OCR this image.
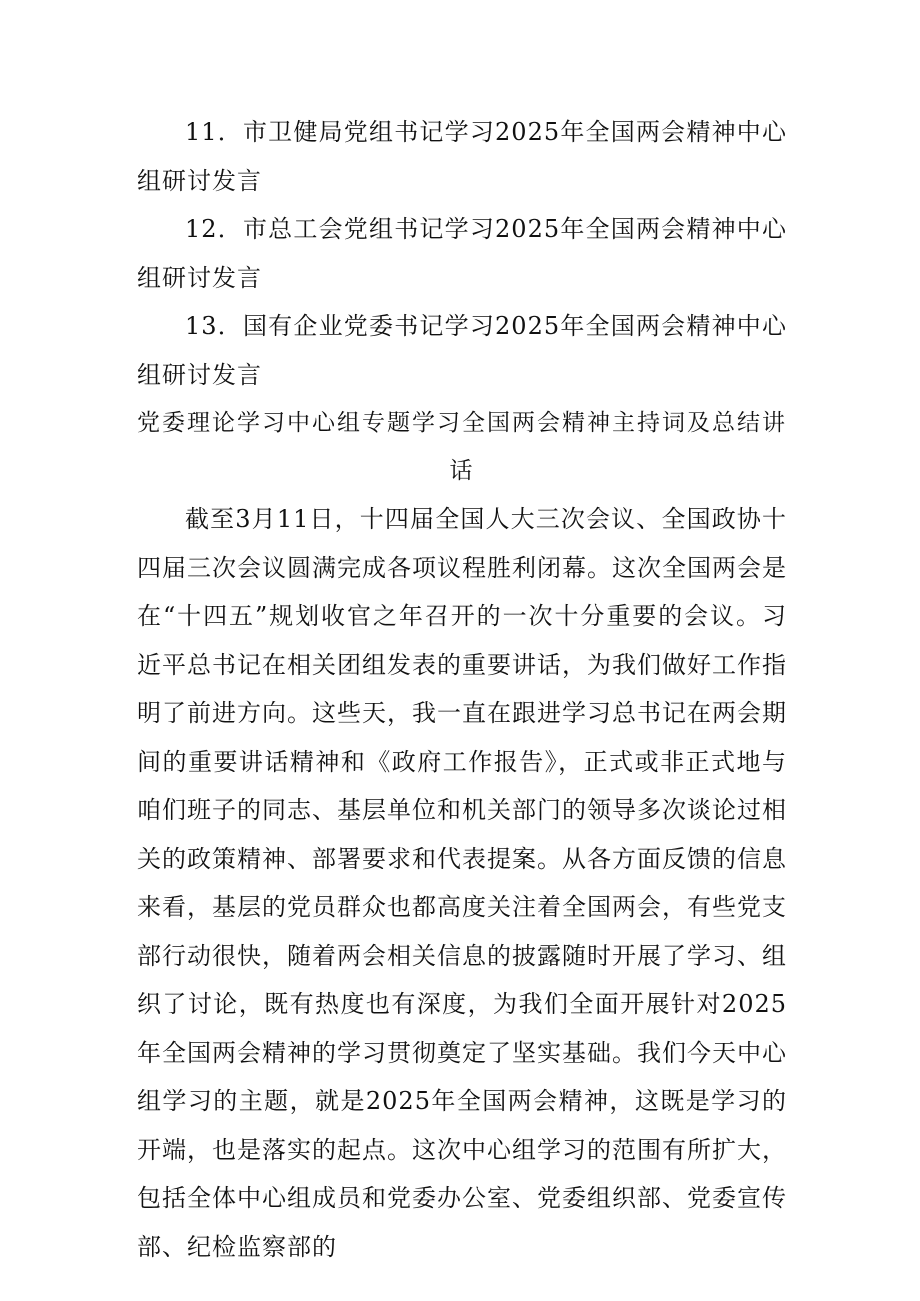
11．市卫健局党组书记学习2025年全国两会精神中心组研讨发言

12．市总工会党组书记学习2025年全国两会精神中心组研讨发言

13．国有企业党委书记学习2025年全国两会精神中心组研讨发言

党委理论学习中心组专题学习全国两会精神主持词及总结讲话

截至3月11日，十四届全国人大三次会议、全国政协十四届三次会议圆满完成各项议程胜利闭幕。这次全国两会是在“十四五”规划收官之年召开的一次十分重要的会议。习近平总书记在相关团组发表的重要讲话，为我们做好工作指明了前进方向。这些天，我一直在跟进学习总书记在两会期间的重要讲话精神和《政府工作报告》，正式或非正式地与咱们班子的同志、基层单位和机关部门的领导多次谈论过相关的政策精神、部署要求和代表提案。从各方面反馈的信息来看，基层的党员群众也都高度关注着全国两会，有些党支部行动很快，随着两会相关信息的披露随时开展了学习、组织了讨论，既有热度也有深度，为我们全面开展针对2025年全国两会精神的学习贯彻奠定了坚实基础。我们今天中心组学习的主题，就是2025年全国两会精神，这既是学习的开端，也是落实的起点。这次中心组学习的范围有所扩大，包括全体中心组成员和党委办公室、党委组织部、党委宣传部、纪检监察部的
